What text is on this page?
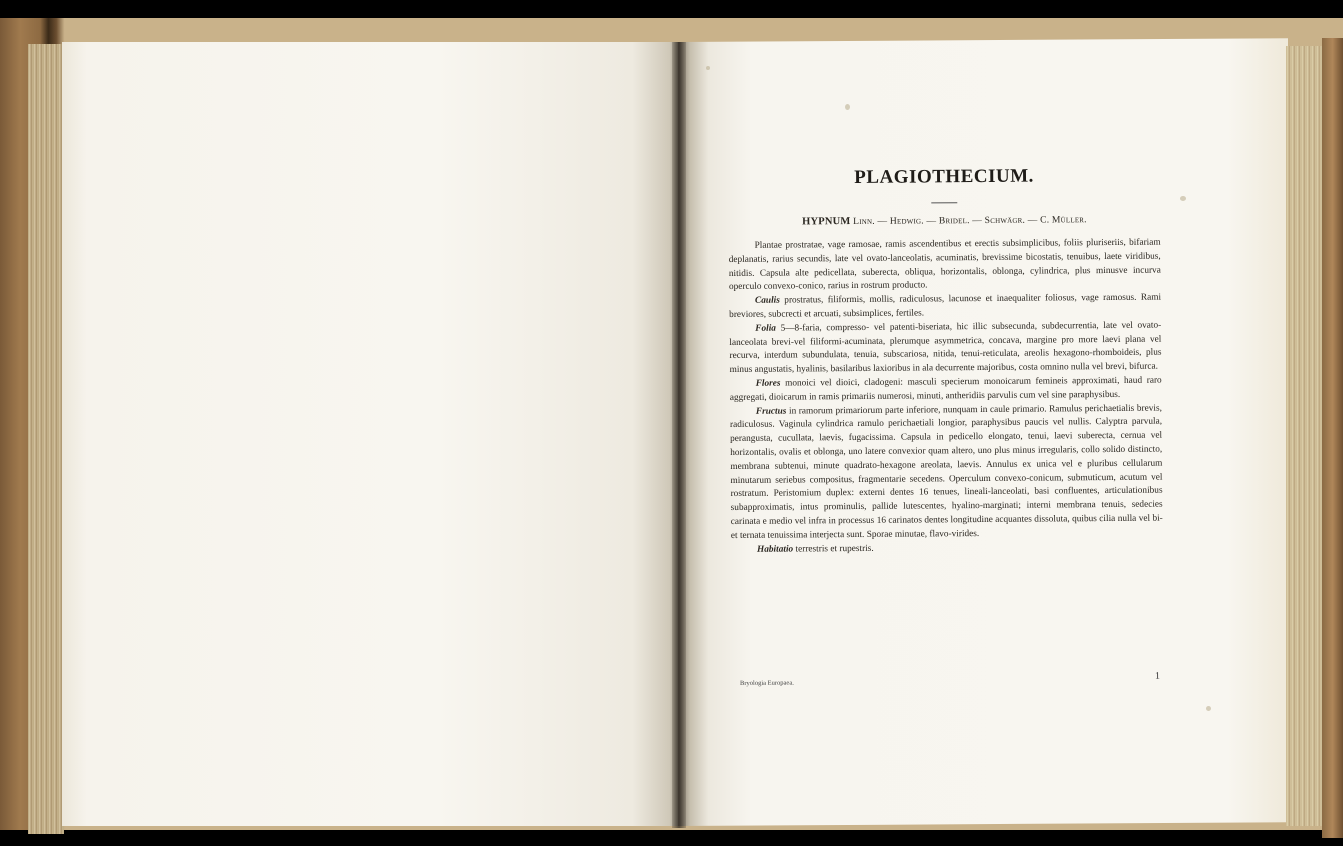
PLAGIOTHECIUM.

HYPNUM Linn. — Hedwig. — Bridel. — Schwägr. — C. Müller.

Plantae prostratae, vage ramosae, ramis ascendentibus et erectis subsimplicibus, foliis pluriseriis, bifariam deplanatis, rarius secundis, late vel ovato-lanceolatis, acuminatis, brevissime bicostatis, tenuibus, laete viridibus, nitidis. Capsula alte pedicellata, suberecta, obliqua, horizontalis, oblonga, cylindrica, plus minusve incurva operculo convexo-conico, rarius in rostrum producto.

Caulis prostratus, filiformis, mollis, radiculosus, lacunose et inaequaliter foliosus, vage ramosus. Rami breviores, subcrecti et arcuati, subsimplices, fertiles.

Folia 5—8-faria, compresso- vel patenti-biseriata, hic illic subsecunda, subdecurrentia, late vel ovato-lanceolata brevi-vel filiformi-acuminata, plerumque asymmetrica, concava, margine pro more laevi plana vel recurva, interdum subundulata, tenuia, subscariosa, nitida, tenui-reticulata, areolis hexagono-rhomboideis, plus minus angustatis, hyalinis, basilaribus laxioribus in ala decurrente majoribus, costa omnino nulla vel brevi, bifurca.

Flores monoici vel dioici, cladogeni: masculi specierum monoicarum femineis approximati, haud raro aggregati, dioicarum in ramis primariis numerosi, minuti, antheridiis parvulis cum vel sine paraphysibus.

Fructus in ramorum primariorum parte inferiore, nunquam in caule primario. Ramulus perichaetialis brevis, radiculosus. Vaginula cylindrica ramulo perichaetiali longior, paraphysibus paucis vel nullis. Calyptra parvula, perangusta, cucullata, laevis, fugacissima. Capsula in pedicello elongato, tenui, laevi suberecta, cernua vel horizontalis, ovalis et oblonga, uno latere convexior quam altero, uno plus minus irregularis, collo solido distincto, membrana subtenui, minute quadrato-hexagone areolata, laevis. Annulus ex unica vel e pluribus cellularum minutarum seriebus compositus, fragmentarie secedens. Operculum convexo-conicum, submuticum, acutum vel rostratum. Peristomium duplex: externi dentes 16 tenues, lineali-lanceolati, basi confluentes, articulationibus subapproximatis, intus prominulis, pallide lutescentes, hyalino-marginati; interni membrana tenuis, sedecies carinata e medio vel infra in processus 16 carinatos dentes longitudine acquantes dissoluta, quibus cilia nulla vel bi- et ternata tenuissima interjecta sunt. Sporae minutae, flavo-virides.

Habitatio terrestris et rupestris.

Bryologia Europaea.
1
